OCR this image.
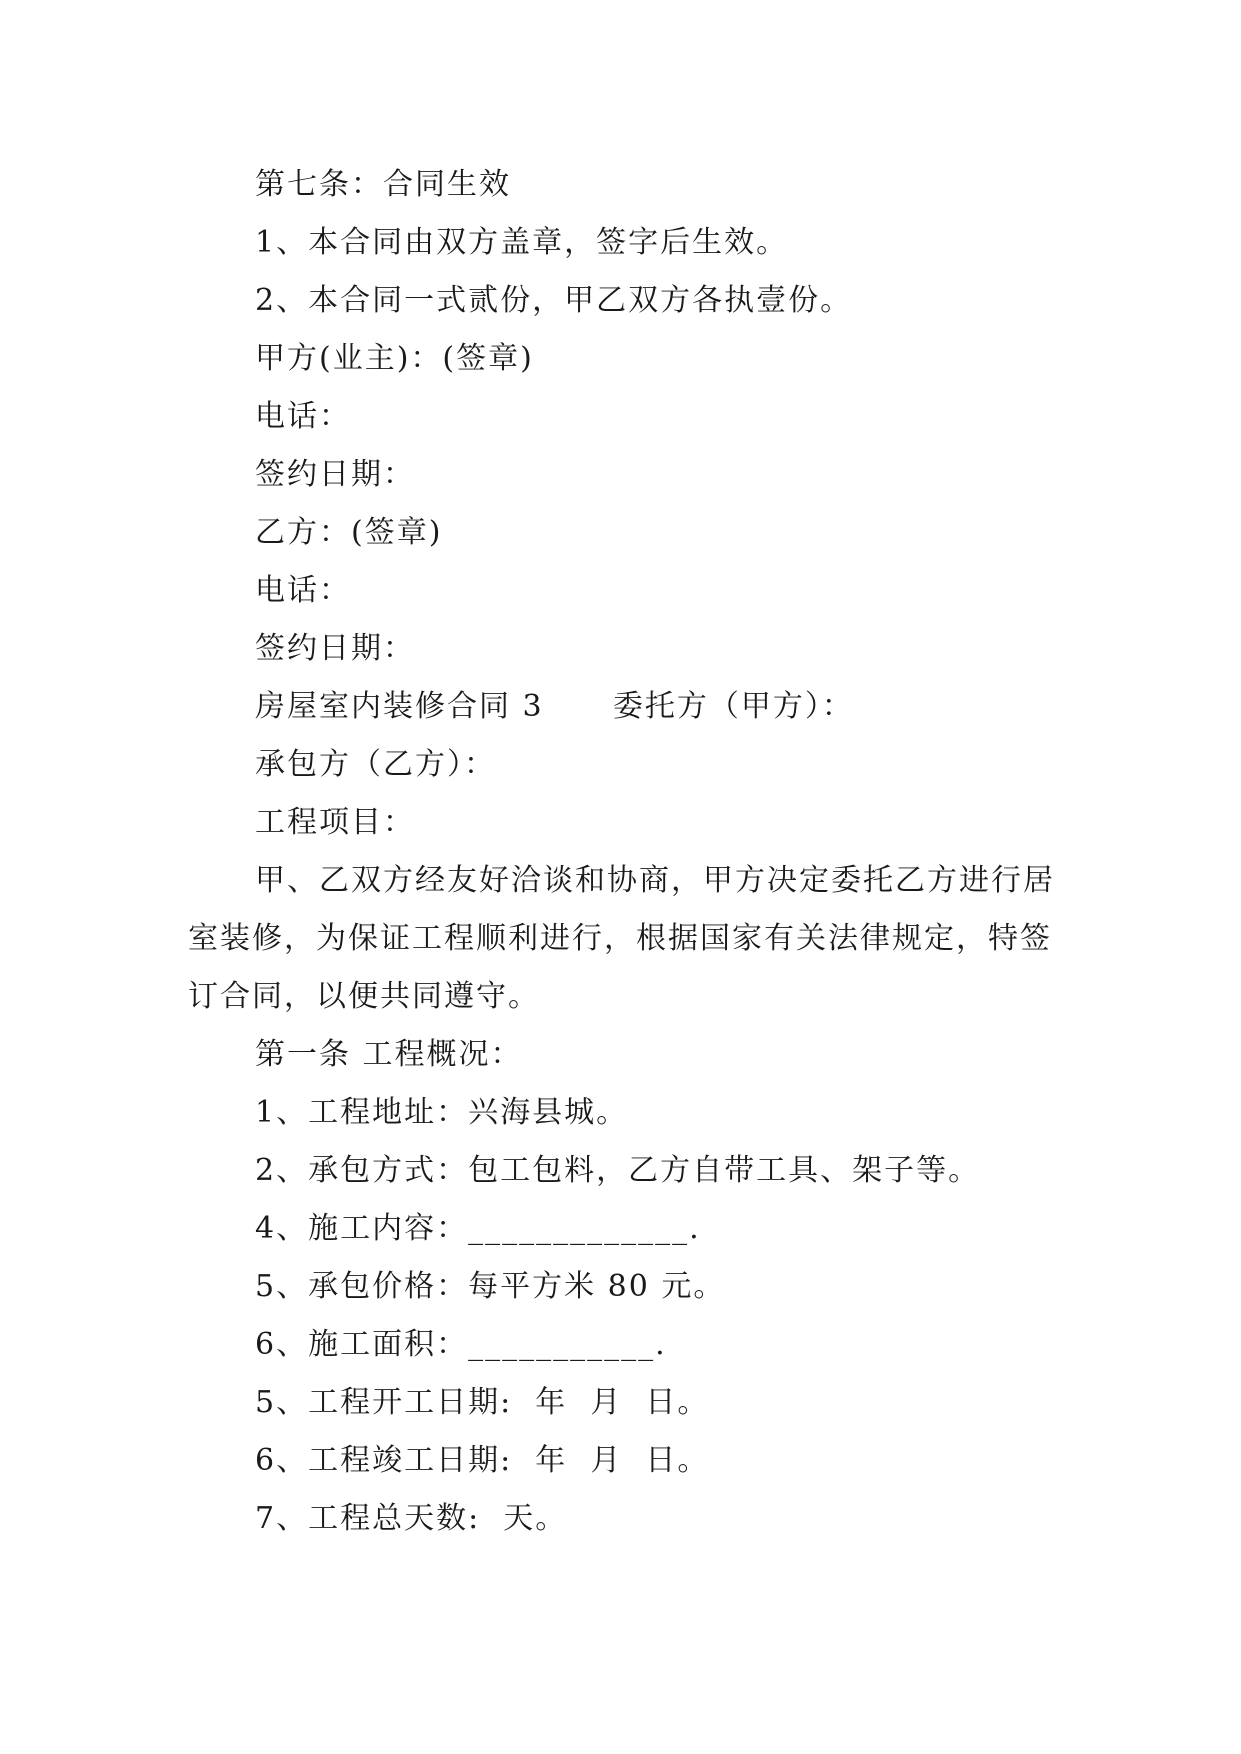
第七条：合同生效
1、本合同由双方盖章，签字后生效。
2、本合同一式贰份，甲乙双方各执壹份。
甲方(业主)：(签章)
电话：
签约日期：
乙方：(签章)
电话：
签约日期：
房屋室内装修合同 3      委托方（甲方）：
承包方（乙方）：
工程项目：
甲、乙双方经友好洽谈和协商，甲方决定委托乙方进行居室装修，为保证工程顺利进行，根据国家有关法律规定，特签订合同，以便共同遵守。
第一条 工程概况：
1、工程地址：兴海县城。
2、承包方式：包工包料，乙方自带工具、架子等。
4、施工内容：_____________.
5、承包价格：每平方米 80 元。
6、施工面积：___________.
5、工程开工日期:  年  月  日。
6、工程竣工日期:  年  月  日。
7、工程总天数:  天。
